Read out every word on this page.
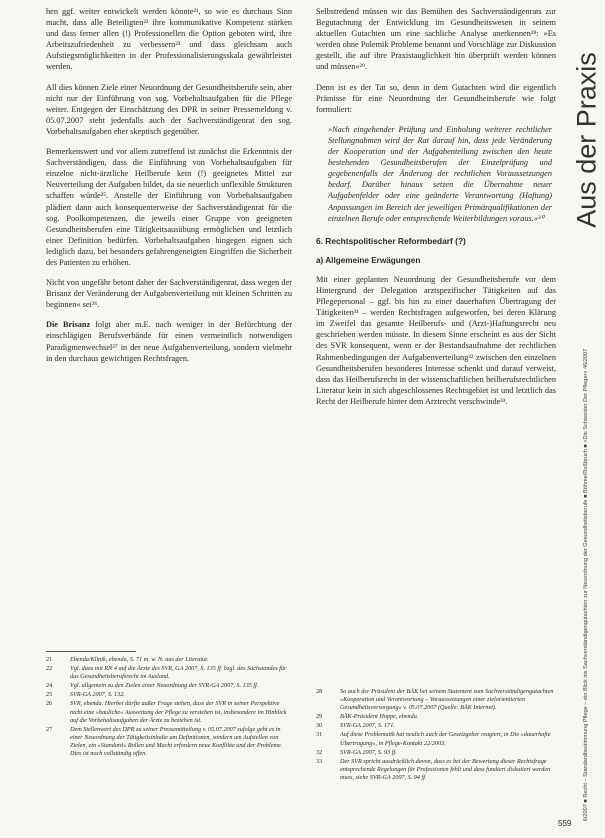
hen ggf. weiter entwickelt werden könnte²¹, so wie es durchaus Sinn macht, dass alle Beteiligten²² ihre kommunikative Kompetenz stärken und dass ferner allen (!) Professionellen die Option geboten wird, ihre Arbeitszufriedenheit zu verbessern²³ und dass gleichsam auch Aufstiegsmöglichkeiten in der Professionalisierungsskala gewährleistet werden.

All dies können Ziele einer Neuordnung der Gesundheitsberufe sein, aber nicht nur der Einführung von sog. Vorbehaltsaufgaben für die Pflege weiter. Entgegen der Einschätzung des DPR in seiner Pressemeldung v. 05.07.2007 steht jedenfalls auch der Sachverständigenrat den sog. Vorbehaltsaufgaben eher skeptisch gegenüber.

Bemerkenswert und vor allem zutreffend ist zunächst die Erkenntnis der Sachverständigen, dass die Einführung von Vorbehaltsaufgaben für einzelne nicht-ärztliche Heilberufe kein (!) geeignetes Mittel zur Neuverteilung der Aufgaben bildet, da sie neuerlich unflexible Strukturen schaffen würde²⁵. Anstelle der Einführung von Vorbehaltsaufgaben plädiert dann auch konsequenterweise der Sachverständigenrat für die sog. Poolkompetenzen, die jeweils einer Gruppe von geeigneten Gesundheitsberufen eine Tätigkeitsausübung ermöglichen und letztlich einer Definition bedürfen. Vorbehaltsaufgaben hingegen eignen sich lediglich dazu, bei besonders gefahrengeneigten Eingriffen die Sicherheit des Patienten zu erhöhen.

Nicht von ungefähr betont daher der Sachverständigenrat, dass wegen der Brisanz der Veränderung der Aufgabenverteilung mit kleinen Schritten zu beginnen« sei²⁶.

Die Brisanz folgt aber m.E. nach weniger in der Befürchtung der einschlägigen Berufsverbände für einen vermeintlich notwendigen Paradigmenwechsel²⁷ in der neue Aufgabenverteilung, sondern vielmehr in den durchaus gewichtigen Rechtsfragen.

Selbstredend müssen wir das Bemühen des Sachverständigenrats zur Begutachtung der Entwicklung im Gesundheitswesen in seinem aktuellen Gutachten um eine sachliche Analyse anerkennen²⁸: »Es werden ohne Polemik Probleme benannt und Vorschläge zur Diskussion gestellt, die auf ihre Praxistauglichkeit hin überprüft werden können und müssen«²⁹.

Denn ist es der Tat so, denn in dem Gutachten wird die eigentlich Prämisse für eine Neuordnung der Gesundheitsberufe wie folgt formuliert:

»Nach eingehender Prüfung und Einholung weiterer rechtlicher Stellungnahmen wird der Rat darauf hin, dass jede Veränderung der Kooperation und der Aufgabenteilung zwischen den heute bestehenden Gesundheitsberufen der Einzelprüfung und gegebenenfalls der Änderung der rechtlichen Voraussetzungen bedarf. Darüber hinaus setzen die Übernahme neuer Aufgabenfelder oder eine geänderte Verantwortung (Haftung) Anpassungen im Bereich der jeweiligen Primärqualifikationen der einzelnen Berufe oder entsprechende Weiterbildungen voraus.«³⁰

6. Rechtspolitischer Reformbedarf (?)
a) Allgemeine Erwägungen

Mit einer geplanten Neuordnung der Gesundheitsberufe vor dem Hintergrund der Delegation arztspezifischer Tätigkeiten auf das Pflegepersonal – ggf. bis hin zu einer dauerhaften Übertragung der Tätigkeiten³¹ – werden Rechtsfragen aufgeworfen, bei deren Klärung im Zweifel das gesamte Heilberufs- und (Arzt-)Haftungsrecht neu geschrieben werden müsste. In diesem Sinne erscheint es aus der Sicht des SVR konsequent, wenn er der Bestandsaufnahme der rechtlichen Rahmenbedingungen der Aufgabenverteilung³² zwischen den einzelnen Gesundheitsberufen besonderes Interesse schenkt und darauf verweist, dass das Heilberufsrecht in der wissenschaftlichen heilberufsrechtlichen Literatur kein in sich abgeschlossenes Rechtsgebiet ist und letztlich das Recht der Heilberufe hinter dem Arztrecht verschwinde³³.

21	Ebenda/Klinik, ebenda, S. 71 m. w. N. aus der Literatur.
22	Vgl. dazu mit RN 4 auf die Ärzte des SVR, GA 2007, S. 135 ff. bzgl. des Sachstandes für das Gesundheitsberufsrecht im Ausland.
24	Vgl. allgemein zu den Zielen einer Neuordnung der SVR-GA 2007, S. 135 ff.
25	SVR-GA 2007, S. 132.
26	SVR, ebenda. Hierbei dürfte außer Frage stehen, dass der SVR in seiner Perspektive nicht eine »bauliche« Ausweitung der Pflege zu verstehen ist, insbesondere im Hinblick auf die Vorbehaltsaufgaben der Ärzte zu beziehen ist.
27	Dem Stellenwert des DPR zu seiner Pressemitteilung v. 05.07.2007 zufolge geht es in einer Neuordnung der Tätigkeitsinhalte um Definitionen, sondern um Aufstellen von Zielen, ein »Standard« Rollen und Macht erfordern neue Konflikte und der Probleme. Dies ist noch vollständig offen.
28	So auch der Präsident der BÄK bei seinem Statement zum Sachverständigengutachten »Kooperation und Verantwortung – Voraussetzungen einer zielorientierten Gesundheitsversorgung« v. 05.07.2007 (Quelle: BÄK Internet).
29	BÄK-Präsident Hoppe, ebenda.
30	SVR-GA 2007, S. 171.
31	Auf diese Problematik hat neulich auch der Gesetzgeber reagiert, in Die »dauerhafte Übertragung«, in Pflege-Kontakt 22/2003.
32	SVR-GA 2007, S. 93 ff.
33	Der SVR spricht ausdrücklich davon, dass es bei der Bewertung dieser Rechtsfrage entsprechende Regelungen für Professionen fehlt und dass fundiert diskutiert werden muss, siehe SVR-GA 2007, S. 94 ff.
Aus der Praxis
6/2007 ■ Recht – Standardbestimmung Pflege – ein Blick ins Sachverständigengutachten zur Neuordnung der Gesundheitsberufe ■ Böhme/Roßbruch ■ »Die Schwester Der Pfleger« 46/2007
559
